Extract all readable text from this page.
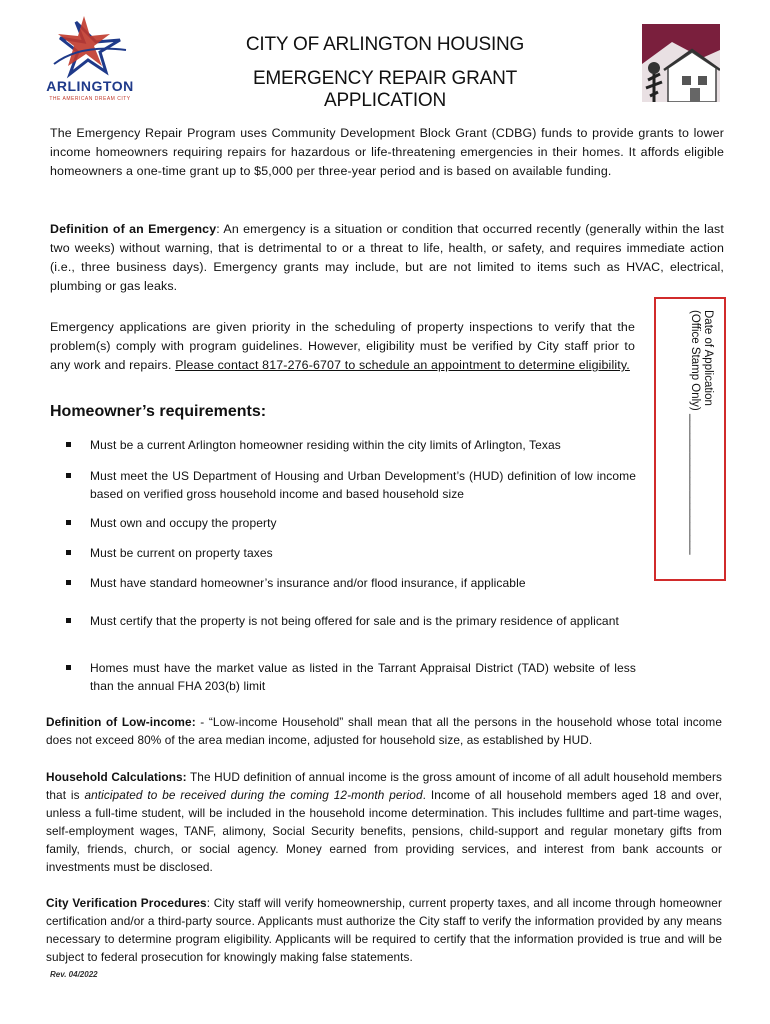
ARLINGTON
THE AMERICAN DREAM CITY
CITY OF ARLINGTON HOUSING
EMERGENCY REPAIR GRANT APPLICATION
The Emergency Repair Program uses Community Development Block Grant (CDBG) funds to provide grants to lower income homeowners requiring repairs for hazardous or life-threatening emergencies in their homes. It affords eligible homeowners a one-time grant up to $5,000 per three-year period and is based on available funding.
Definition of an Emergency: An emergency is a situation or condition that occurred recently (generally within the last two weeks) without warning, that is detrimental to or a threat to life, health, or safety, and requires immediate action (i.e., three business days). Emergency grants may include, but are not limited to items such as HVAC, electrical, plumbing or gas leaks.
Emergency applications are given priority in the scheduling of property inspections to verify that the problem(s) comply with program guidelines. However, eligibility must be verified by City staff prior to any work and repairs. Please contact 817-276-6707 to schedule an appointment to determine eligibility.	Date of Application
(Office Stamp Only) ______________________
Homeowner’s requirements:
Must be a current Arlington homeowner residing within the city limits of Arlington, Texas
Must meet the US Department of Housing and Urban Development’s (HUD) definition of low income based on verified gross household income and based household size
Must own and occupy the property
Must be current on property taxes
Must have standard homeowner’s insurance and/or flood insurance, if applicable
Must certify that the property is not being offered for sale and is the primary residence of applicant
Homes must have the market value as listed in the Tarrant Appraisal District (TAD) website of less than the annual FHA 203(b) limit
Definition of Low-income: - “Low-income Household” shall mean that all the persons in the household whose total income does not exceed 80% of the area median income, adjusted for household size, as established by HUD.
Household Calculations: The HUD definition of annual income is the gross amount of income of all adult household members that is anticipated to be received during the coming 12-month period. Income of all household members aged 18 and over, unless a full-time student, will be included in the household income determination. This includes fulltime and part-time wages, self-employment wages, TANF, alimony, Social Security benefits, pensions, child-support and regular monetary gifts from family, friends, church, or social agency. Money earned from providing services, and interest from bank accounts or investments must be disclosed.
City Verification Procedures: City staff will verify homeownership, current property taxes, and all income through homeowner certification and/or a third-party source. Applicants must authorize the City staff to verify the information provided by any means necessary to determine program eligibility. Applicants will be required to certify that the information provided is true and will be subject to federal prosecution for knowingly making false statements.
Rev. 04/2022
